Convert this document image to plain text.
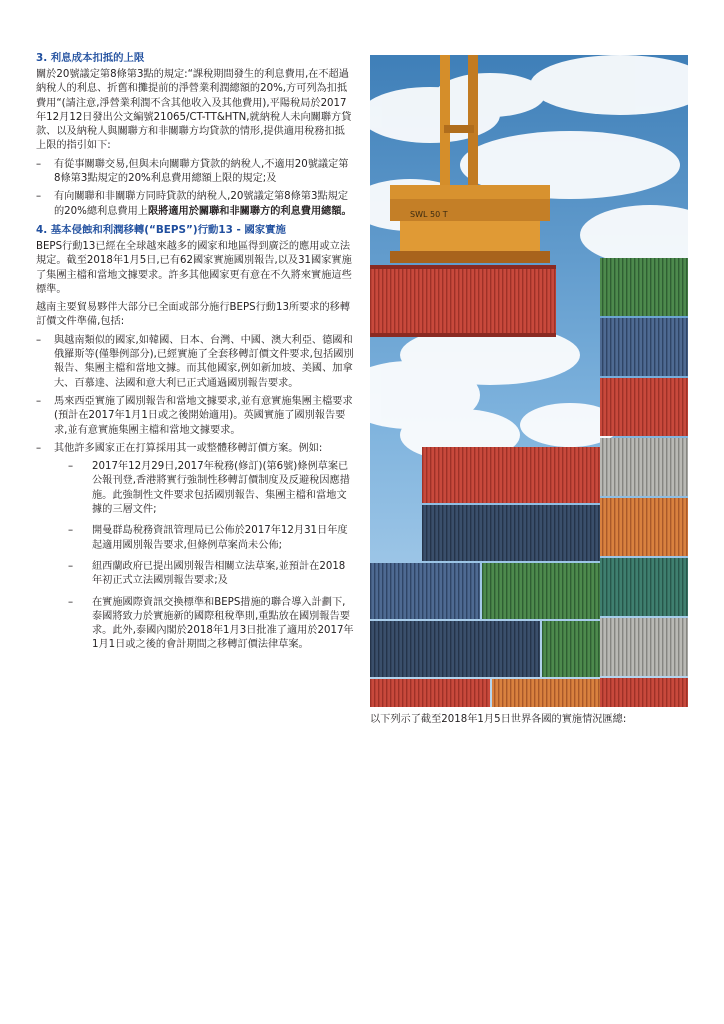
3. 利息成本扣抵的上限

關於20號議定第8條第3點的規定:“課稅期間發生的利息費用,在不超過納稅人的利息、折舊和攤提前的淨營業利潤總額的20%,方可列為扣抵費用“(請注意,淨營業利潤不含其他收入及其他費用),平陽稅局於2017年12月12日發出公文編號21065/CT-TT&HTN,就納稅人未向關聯方貸款、以及納稅人與關聯方和非關聯方均貸款的情形,提供適用稅務扣抵上限的指引如下:

– 有從事關聯交易,但與未向關聯方貸款的納稅人,不適用20號議定第8條第3點規定的20%利息費用總額上限的規定;及
– 有向關聯和非關聯方同時貸款的納稅人,20號議定第8條第3點規定的20%總利息費用上限將適用於關聯和非關聯方的利息費用總額。
4. 基本侵蝕和利潤移轉(“BEPS”)行動13 - 國家實施

BEPS行動13已經在全球越來越多的國家和地區得到廣泛的應用或立法規定。截至2018年1月5日,已有62國家實施國別報告,以及31國家實施了集團主檔和當地文據要求。許多其他國家更有意在不久將來實施這些標準。

越南主要貿易夥伴大部分已全面或部分施行BEPS行動13所要求的移轉訂價文件準備,包括:

– 與越南類似的國家,如韓國、日本、台灣、中國、澳大利亞、德國和俄羅斯等(僅舉例部分),已經實施了全套移轉訂價文件要求,包括國別報告、集團主檔和當地文據。而其他國家,例如新加坡、美國、加拿大、百慕達、法國和意大利已正式通過國別報告要求。
– 馬來西亞實施了國別報告和當地文據要求,並有意實施集團主檔要求(預計在2017年1月1日或之後開始適用)。英國實施了國別報告要求,並有意實施集團主檔和當地文據要求。
– 其他許多國家正在打算採用其一或整體移轉訂價方案。例如:
– 2017年12月29日,2017年稅務(修訂)(第6號)條例草案已公報刊登,香港將實行強制性移轉訂價制度及反避稅因應措施。此強制性文件要求包括國別報告、集團主檔和當地文據的三層文件;
– 開曼群島稅務資訊管理局已公佈於2017年12月31日年度起適用國別報告要求,但條例草案尚未公佈;
– 紐西蘭政府已提出國別報告相關立法草案,並預計在2018年初正式立法國別報告要求;及
– 在實施國際資訊交換標準和BEPS措施的聯合導入計劃下,泰國將致力於實施新的國際租稅準則,重點放在國別報告要求。此外,泰國內閣於2018年1月3日批准了適用於2017年1月1日或之後的會計期間之移轉訂價法律草案。
SWL 50 T
以下列示了截至2018年1月5日世界各國的實施情況匯總:
